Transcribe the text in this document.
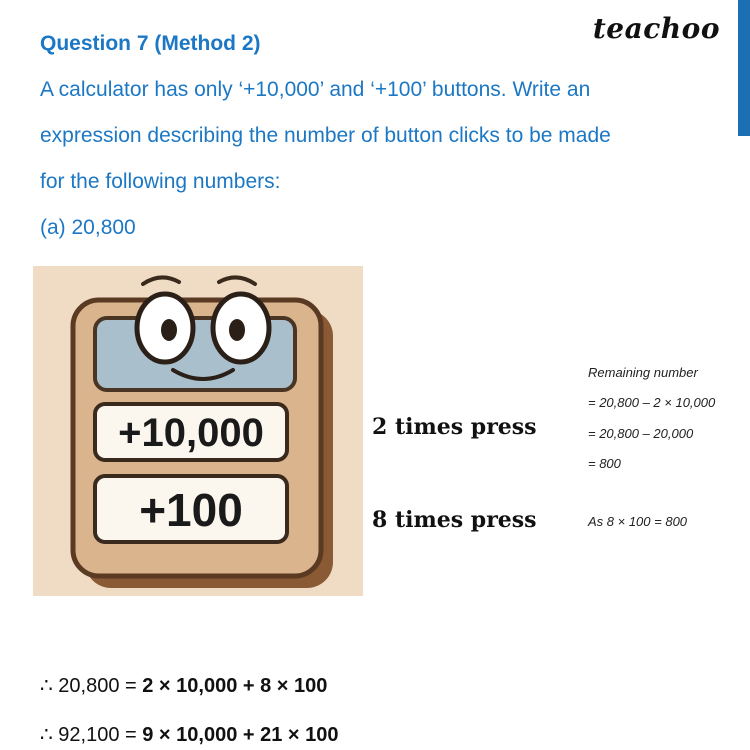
teachoo
Question 7 (Method 2)
A calculator has only ‘+10,000’ and ‘+100’ buttons. Write an
expression describing the number of button clicks to be made
for the following numbers:
(a) 20,800
+10,000
+100
2 times press
8 times press
Remaining number
= 20,800 – 2 × 10,000
= 20,800 – 20,000
= 800
As 8 × 100 = 800
∴ 20,800 = 2 × 10,000 + 8 × 100
∴ 92,100 = 9 × 10,000 + 21 × 100
